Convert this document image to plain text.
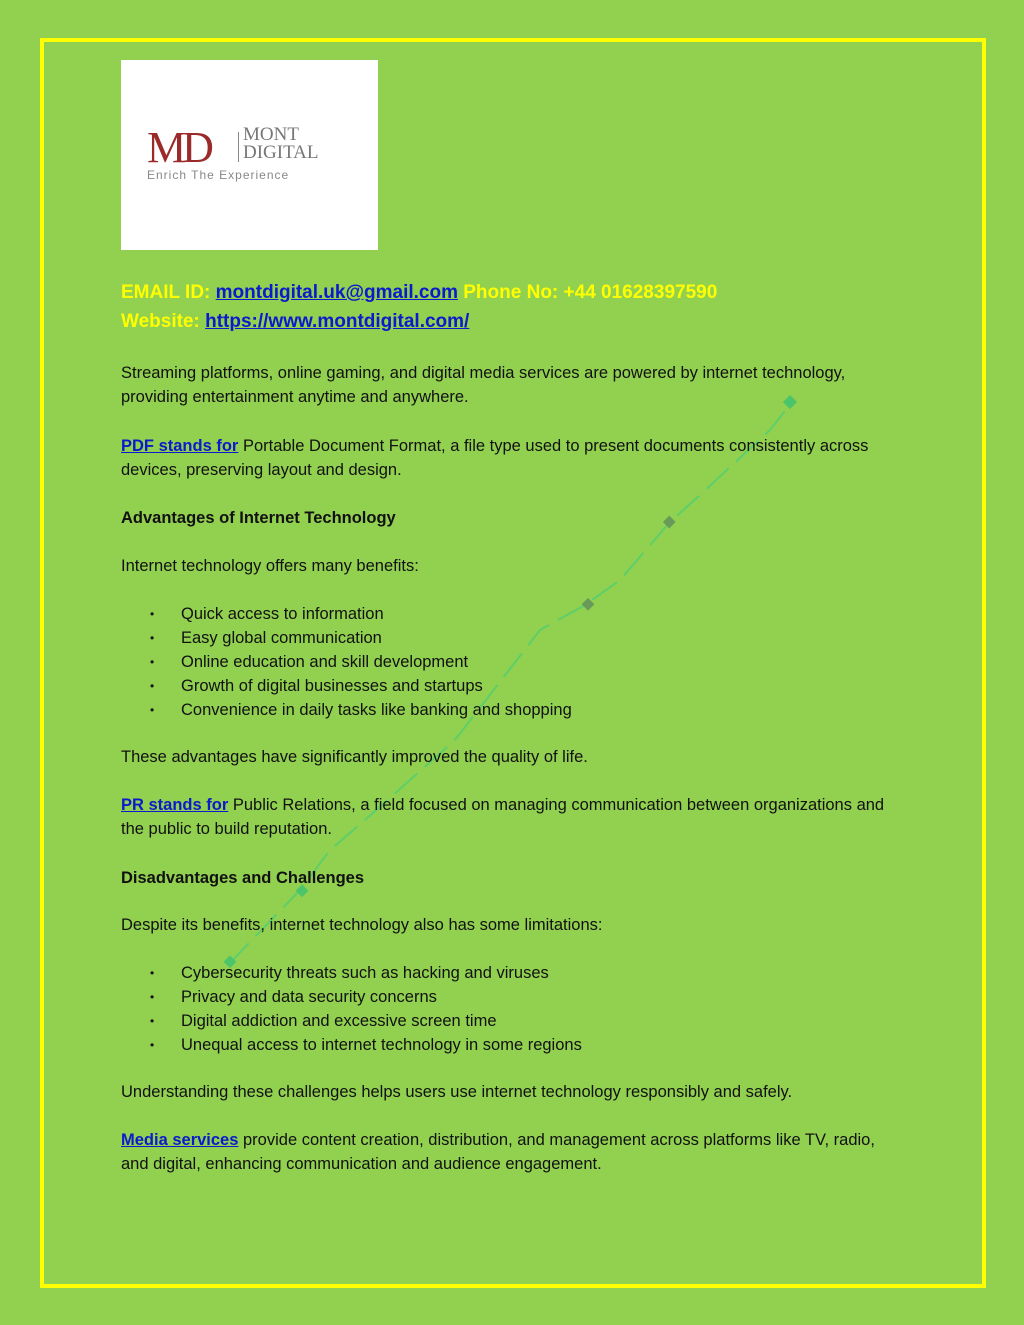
MD MONT
DIGITAL
Enrich The Experience
EMAIL ID: montdigital.uk@gmail.com Phone No: +44 01628397590
Website: https://www.montdigital.com/
Streaming platforms, online gaming, and digital media services are powered by internet technology, providing entertainment anytime and anywhere.
PDF stands for Portable Document Format, a file type used to present documents consistently across devices, preserving layout and design.
Advantages of Internet Technology
Internet technology offers many benefits:
• Quick access to information
• Easy global communication
• Online education and skill development
• Growth of digital businesses and startups
• Convenience in daily tasks like banking and shopping
These advantages have significantly improved the quality of life.
PR stands for Public Relations, a field focused on managing communication between organizations and the public to build reputation.
Disadvantages and Challenges
Despite its benefits, internet technology also has some limitations:
• Cybersecurity threats such as hacking and viruses
• Privacy and data security concerns
• Digital addiction and excessive screen time
• Unequal access to internet technology in some regions
Understanding these challenges helps users use internet technology responsibly and safely.
Media services provide content creation, distribution, and management across platforms like TV, radio, and digital, enhancing communication and audience engagement.
